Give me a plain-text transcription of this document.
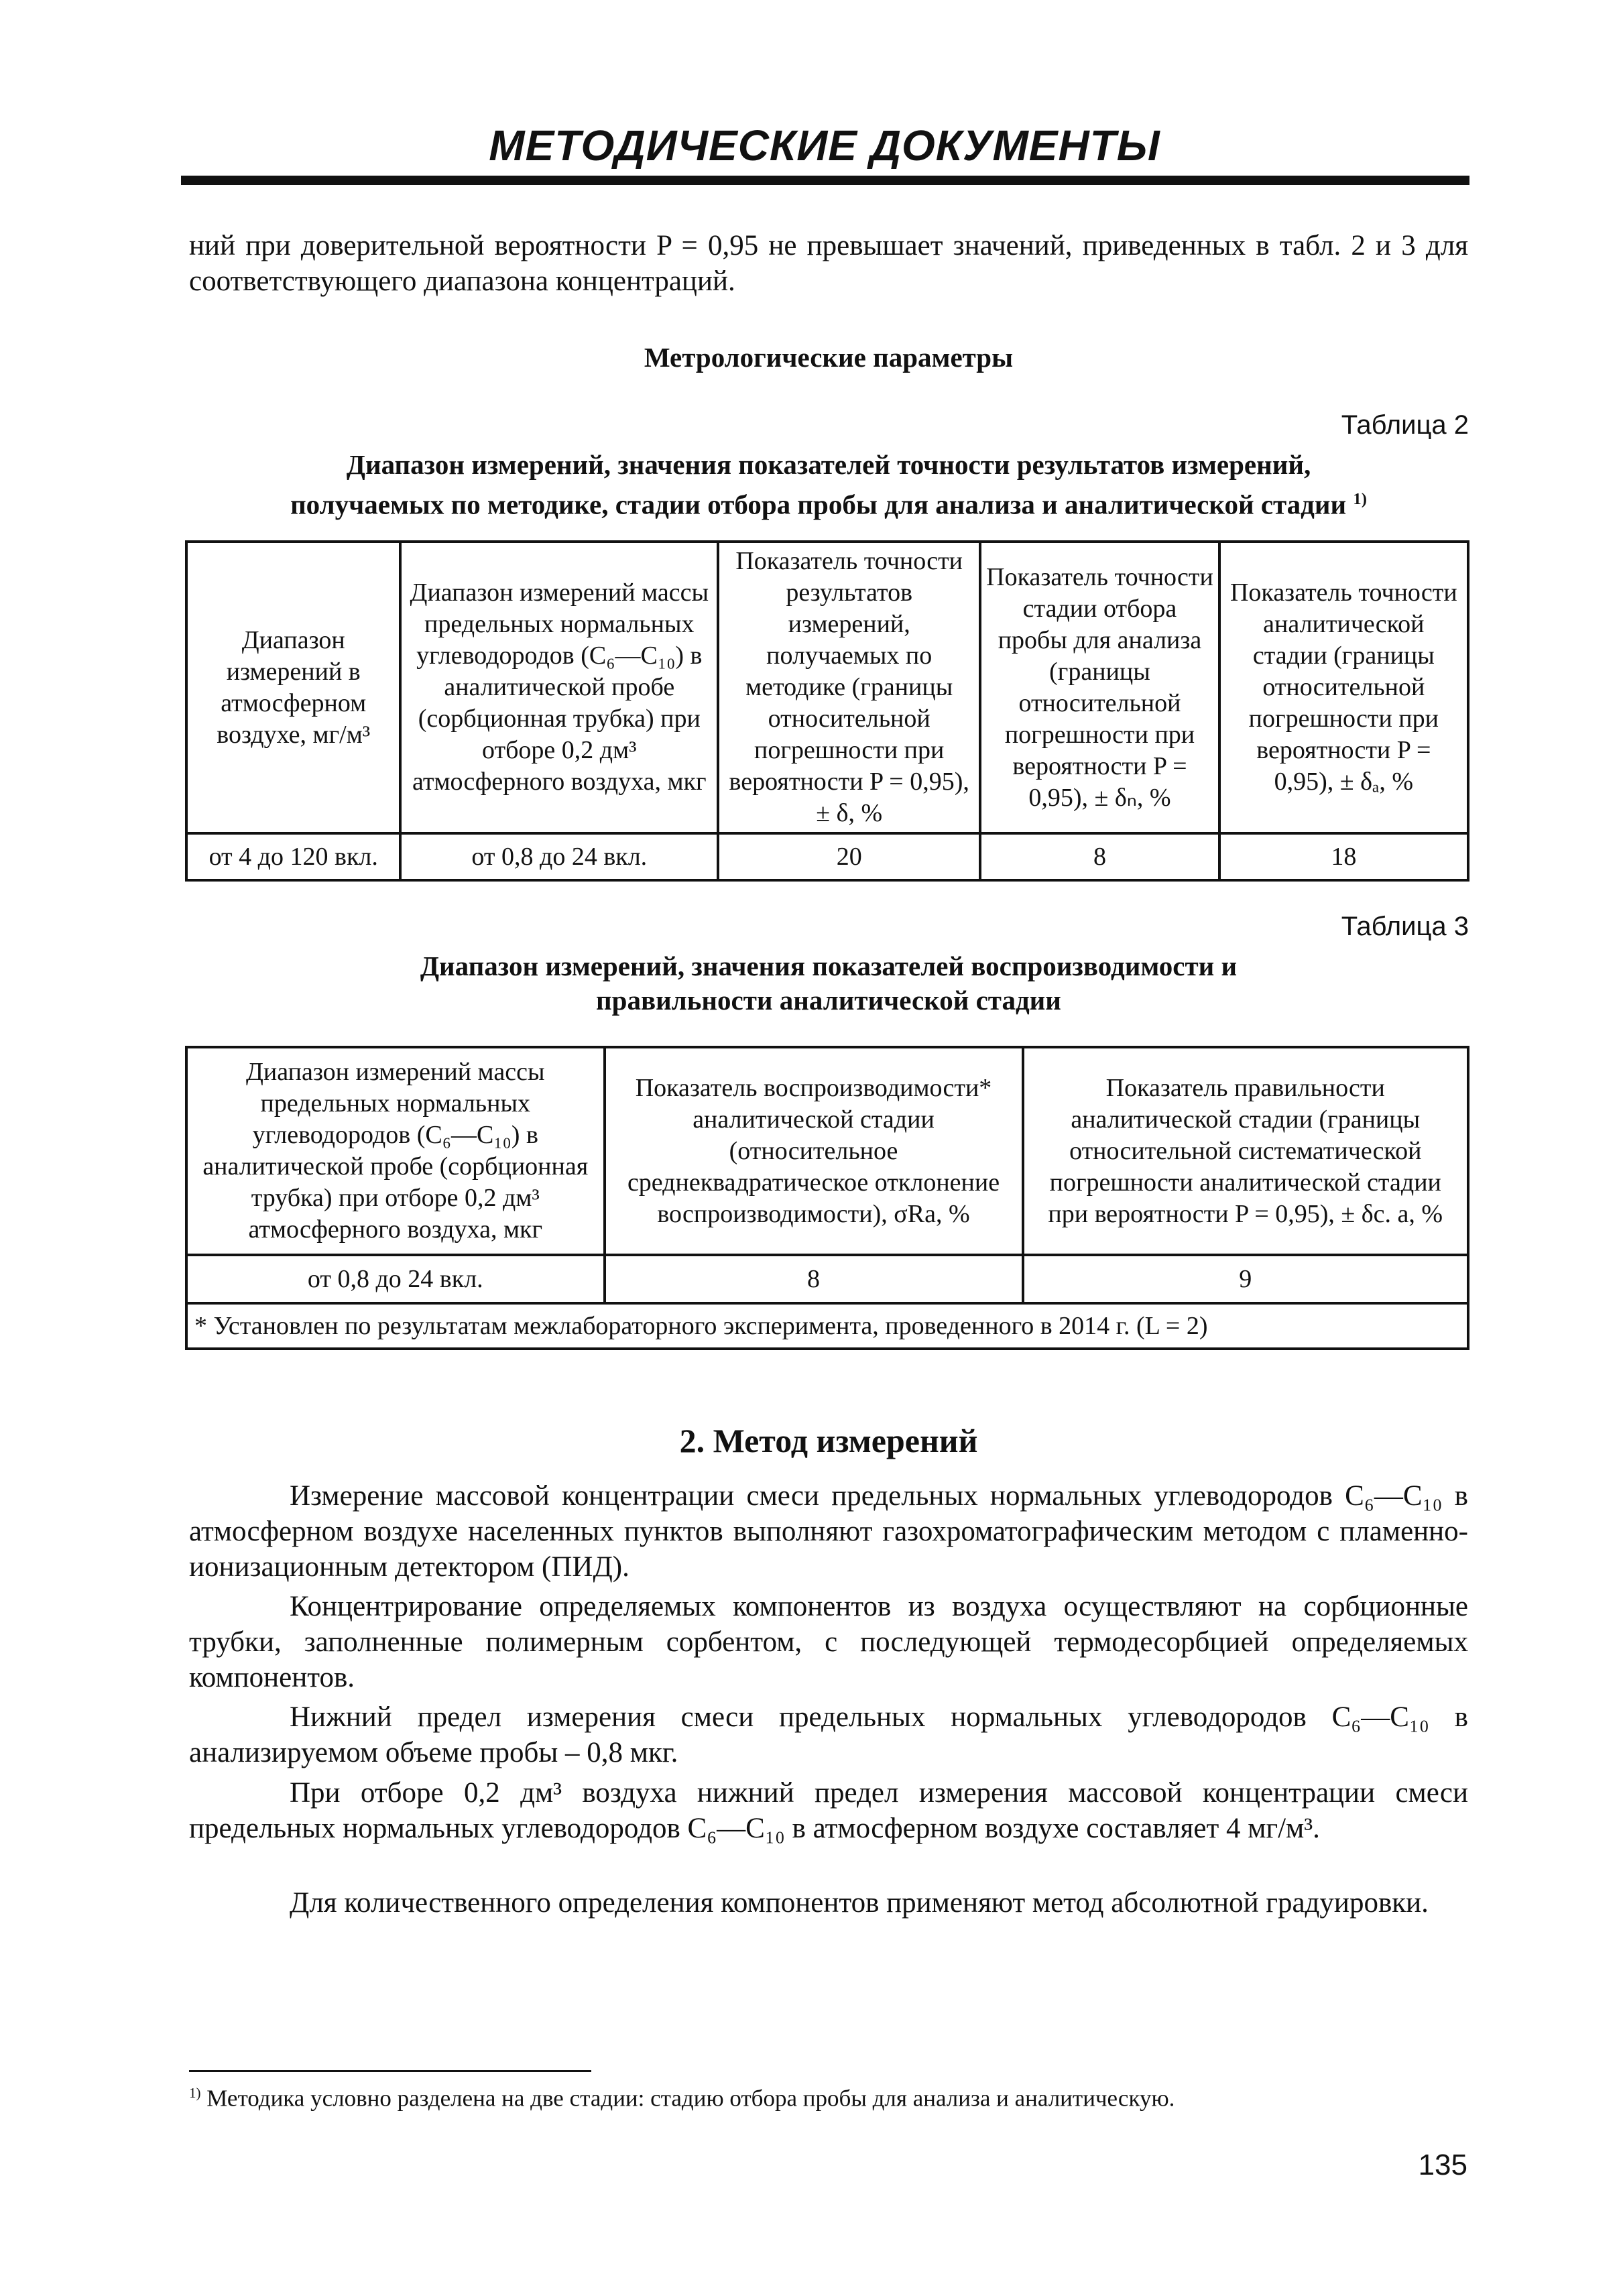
МЕТОДИЧЕСКИЕ ДОКУМЕНТЫ

ний при доверительной вероятности P = 0,95 не превышает значений, приведенных в табл. 2 и 3 для соответствующего диапазона концентраций.

Метрологические параметры
Таблица 2
Диапазон измерений, значения показателей точности результатов измерений,
получаемых по методике, стадии отбора пробы для анализа и аналитической стадии $^{1)}$
Диапазон измерений в атмосферном воздухе, мг/м³	Диапазон измерений массы предельных нормальных углеводородов (C₆—C₁₀) в аналитической пробе (сорбционная трубка) при отборе 0,2 дм³ атмосферного воздуха, мкг	Показатель точности результатов измерений, получаемых по методике (границы относительной погрешности при вероятности P = 0,95), ± δ, %	Показатель точности стадии отбора пробы для анализа (границы относительной погрешности при вероятности P = 0,95), ± δₙ, %	Показатель точности аналитической стадии (границы относительной погрешности при вероятности P = 0,95), ± δₐ, %
от 4 до 120 вкл.	от 0,8 до 24 вкл.	20	8	18
Таблица 3
Диапазон измерений, значения показателей воспроизводимости и
правильности аналитической стадии
Диапазон измерений массы предельных нормальных углеводородов (C₆—C₁₀) в аналитической пробе (сорбционная трубка) при отборе 0,2 дм³ атмосферного воздуха, мкг	Показатель воспроизводимости* аналитической стадии (относительное среднеквадратическое отклонение воспроизводимости), σRa, %	Показатель правильности аналитической стадии (границы относительной систематической погрешности аналитической стадии при вероятности P = 0,95), ± δс. а, %
от 0,8 до 24 вкл.	8	9
* Установлен по результатам межлабораторного эксперимента, проведенного в 2014 г. (L = 2)		
2. Метод измерений

Измерение массовой концентрации смеси предельных нормальных углеводородов C₆—C₁₀ в атмосферном воздухе населенных пунктов выполняют газохроматографическим методом с пламенно-ионизационным детектором (ПИД).

Концентрирование определяемых компонентов из воздуха осуществляют на сорбционные трубки, заполненные полимерным сорбентом, с последующей термодесорбцией определяемых компонентов.

Нижний предел измерения смеси предельных нормальных углеводородов C₆—C₁₀ в анализируемом объеме пробы – 0,8 мкг.

При отборе 0,2 дм³ воздуха нижний предел измерения массовой концентрации смеси предельных нормальных углеводородов C₆—C₁₀ в атмосферном воздухе составляет 4 мг/м³.

Для количественного определения компонентов применяют метод абсолютной градуировки.

$^{1)}$ Методика условно разделена на две стадии: стадию отбора пробы для анализа и аналитическую.
135
